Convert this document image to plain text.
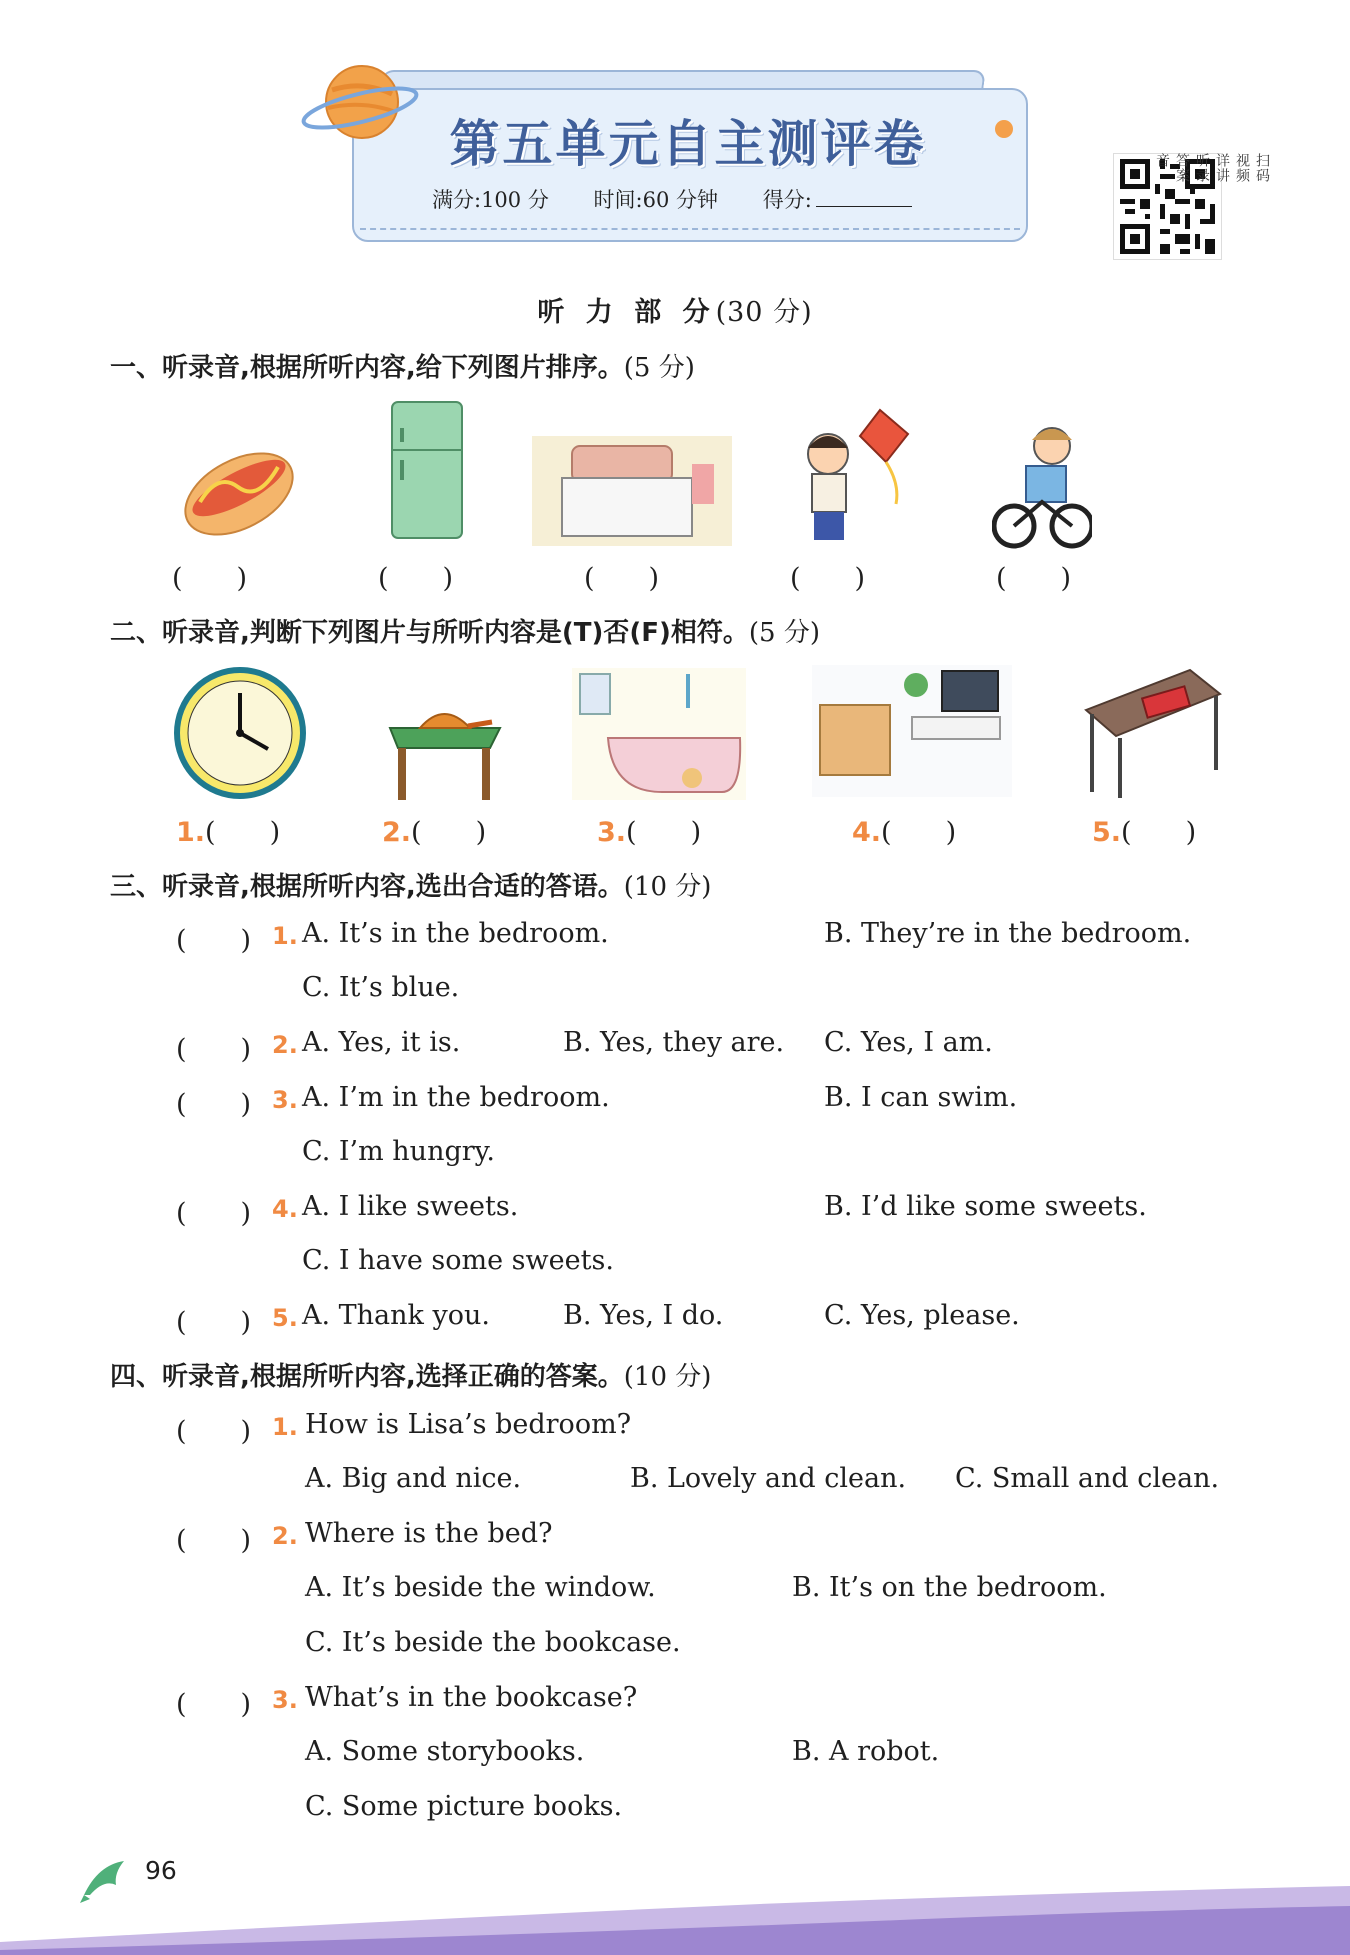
第五单元自主测评卷
满分:100 分 时间:60 分钟 得分:
扫码
视频
详讲
听录
答案
音
听 力 部 分(30 分)
一、听录音,根据所听内容,给下列图片排序。(5 分)
(　　)	(　　)	(　　)	(　　)	(　　)
二、听录音,判断下列图片与所听内容是(T)否(F)相符。(5 分)
1.(　　)	2.(　　)	3.(　　)	4.(　　)	5.(　　)
三、听录音,根据所听内容,选出合适的答语。(10 分)
(　　) 1. A. It’s in the bedroom.	B. They’re in the bedroom.
C. It’s blue.
(　　) 2. A. Yes, it is.	B. Yes, they are. C. Yes, I am.
(　　) 3. A. I’m in the bedroom.	B. I can swim.
C. I’m hungry.
(　　) 4. A. I like sweets.	B. I’d like some sweets.
C. I have some sweets.
(　　) 5. A. Thank you.	B. Yes, I do.	C. Yes, please.
四、听录音,根据所听内容,选择正确的答案。(10 分)
(　　) 1. How is Lisa’s bedroom?
A. Big and nice.	B. Lovely and clean. C. Small and clean.
(　　) 2. Where is the bed?
A. It’s beside the window.	B. It’s on the bedroom.
C. It’s beside the bookcase.
(　　) 3. What’s in the bookcase?
A. Some storybooks.	B. A robot.
C. Some picture books.
96
